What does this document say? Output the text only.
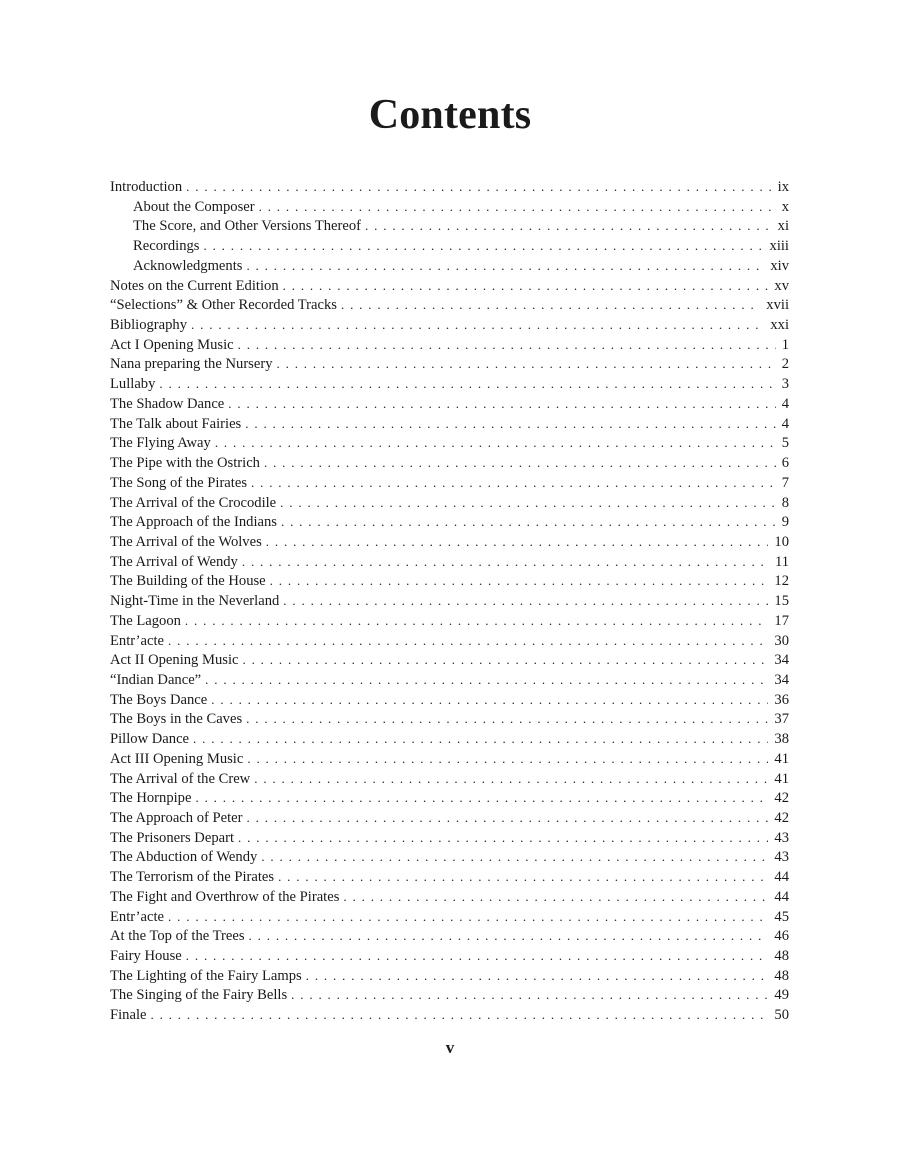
Contents
Introduction . . .	ix
About the Composer . . .	x
The Score, and Other Versions Thereof . . .	xi
Recordings . . .	xiii
Acknowledgments . . .	xiv
Notes on the Current Edition . . .	xv
“Selections” & Other Recorded Tracks . . .	xvii
Bibliography . . .	xxi
Act I Opening Music . . .	1
Nana preparing the Nursery . . .	2
Lullaby . . .	3
The Shadow Dance . . .	4
The Talk about Fairies . . .	4
The Flying Away . . .	5
The Pipe with the Ostrich . . .	6
The Song of the Pirates . . .	7
The Arrival of the Crocodile . . .	8
The Approach of the Indians . . .	9
The Arrival of the Wolves . . .	10
The Arrival of Wendy . . .	11
The Building of the House . . .	12
Night-Time in the Neverland . . .	15
The Lagoon . . .	17
Entr’acte . . .	30
Act II Opening Music . . .	34
“Indian Dance” . . .	34
The Boys Dance . . .	36
The Boys in the Caves . . .	37
Pillow Dance . . .	38
Act III Opening Music . . .	41
The Arrival of the Crew . . .	41
The Hornpipe . . .	42
The Approach of Peter . . .	42
The Prisoners Depart . . .	43
The Abduction of Wendy . . .	43
The Terrorism of the Pirates . . .	44
The Fight and Overthrow of the Pirates . . .	44
Entr’acte . . .	45
At the Top of the Trees . . .	46
Fairy House . . .	48
The Lighting of the Fairy Lamps . . .	48
The Singing of the Fairy Bells . . .	49
Finale . . .	50
v
